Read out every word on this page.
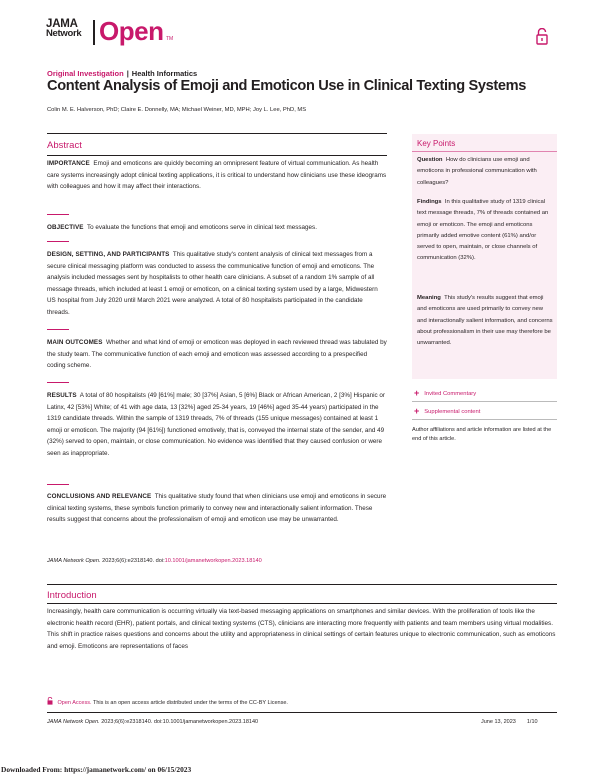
JAMA
Network Open TM
Original Investigation | Health Informatics
Content Analysis of Emoji and Emoticon Use in Clinical Texting Systems
Colin M. E. Halverson, PhD; Claire E. Donnelly, MA; Michael Weiner, MD, MPH; Joy L. Lee, PhD, MS
Abstract
IMPORTANCE Emoji and emoticons are quickly becoming an omnipresent feature of virtual communication. As health care systems increasingly adopt clinical texting applications, it is critical to understand how clinicians use these ideograms with colleagues and how it may affect their interactions.
OBJECTIVE To evaluate the functions that emoji and emoticons serve in clinical text messages.
DESIGN, SETTING, AND PARTICIPANTS This qualitative study's content analysis of clinical text messages from a secure clinical messaging platform was conducted to assess the communicative function of emoji and emoticons. The analysis included messages sent by hospitalists to other health care clinicians. A subset of a random 1% sample of all message threads, which included at least 1 emoji or emoticon, on a clinical texting system used by a large, Midwestern US hospital from July 2020 until March 2021 were analyzed. A total of 80 hospitalists participated in the candidate threads.
MAIN OUTCOMES Whether and what kind of emoji or emoticon was deployed in each reviewed thread was tabulated by the study team. The communicative function of each emoji and emoticon was assessed according to a prespecified coding scheme.
RESULTS A total of 80 hospitalists (49 [61%] male; 30 [37%] Asian, 5 [6%] Black or African American, 2 [3%] Hispanic or Latinx, 42 [53%] White; of 41 with age data, 13 [32%] aged 25-34 years, 19 [46%] aged 35-44 years) participated in the 1319 candidate threads. Within the sample of 1319 threads, 7% of threads (155 unique messages) contained at least 1 emoji or emoticon. The majority (94 [61%]) functioned emotively, that is, conveyed the internal state of the sender, and 49 (32%) served to open, maintain, or close communication. No evidence was identified that they caused confusion or were seen as inappropriate.
CONCLUSIONS AND RELEVANCE This qualitative study found that when clinicians use emoji and emoticons in secure clinical texting systems, these symbols function primarily to convey new and interactionally salient information. These results suggest that concerns about the professionalism of emoji and emoticon use may be unwarranted.
JAMA Network Open. 2023;6(6):e2318140. doi:10.1001/jamanetworkopen.2023.18140
Key Points
Question How do clinicians use emoji and emoticons in professional communication with colleagues?
Findings In this qualitative study of 1319 clinical text message threads, 7% of threads contained an emoji or emoticon. The emoji and emoticons primarily added emotive content (61%) and/or served to open, maintain, or close channels of communication (32%).
Meaning This study's results suggest that emoji and emoticons are used primarily to convey new and interactionally salient information, and concerns about professionalism in their use may therefore be unwarranted.
+ Invited Commentary
+ Supplemental content
Author affiliations and article information are listed at the end of this article.
Introduction
Increasingly, health care communication is occurring virtually via text-based messaging applications on smartphones and similar devices. With the proliferation of tools like the electronic health record (EHR), patient portals, and clinical texting systems (CTS), clinicians are interacting more frequently with patients and team members using virtual modalities. This shift in practice raises questions and concerns about the utility and appropriateness in clinical settings of certain features unique to electronic communication, such as emoticons and emoji. Emoticons are representations of faces
Open Access. This is an open access article distributed under the terms of the CC-BY License.
JAMA Network Open. 2023;6(6):e2318140. doi:10.1001/jamanetworkopen.2023.18140	June 13, 2023 1/10
Downloaded From: https://jamanetwork.com/ on 06/15/2023
